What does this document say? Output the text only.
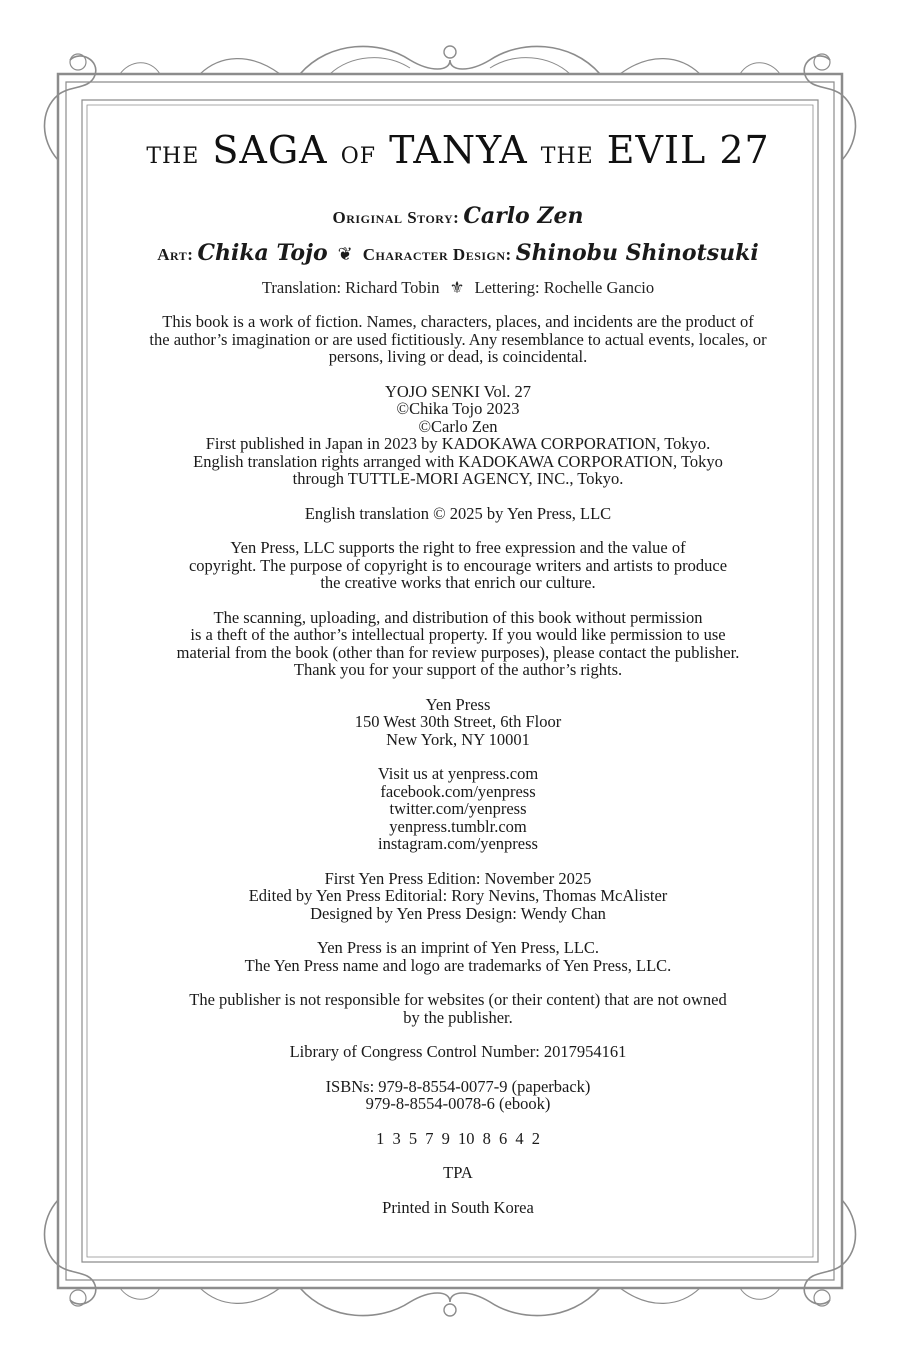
THE SAGA OF TANYA THE EVIL 27
Original Story: Carlo Zen
Art: Chika Tojo ❦ Character Design: Shinobu Shinotsuki
Translation: Richard Tobin ⚜ Lettering: Rochelle Gancio
This book is a work of fiction. Names, characters, places, and incidents are the product of
the author’s imagination or are used fictitiously. Any resemblance to actual events, locales, or
persons, living or dead, is coincidental.
YOJO SENKI Vol. 27
©Chika Tojo 2023
©Carlo Zen
First published in Japan in 2023 by KADOKAWA CORPORATION, Tokyo.
English translation rights arranged with KADOKAWA CORPORATION, Tokyo
through TUTTLE-MORI AGENCY, INC., Tokyo.
English translation © 2025 by Yen Press, LLC
Yen Press, LLC supports the right to free expression and the value of
copyright. The purpose of copyright is to encourage writers and artists to produce
the creative works that enrich our culture.
The scanning, uploading, and distribution of this book without permission
is a theft of the author’s intellectual property. If you would like permission to use
material from the book (other than for review purposes), please contact the publisher.
Thank you for your support of the author’s rights.
Yen Press
150 West 30th Street, 6th Floor
New York, NY 10001
Visit us at yenpress.com
facebook.com/yenpress
twitter.com/yenpress
yenpress.tumblr.com
instagram.com/yenpress
First Yen Press Edition: November 2025
Edited by Yen Press Editorial: Rory Nevins, Thomas McAlister
Designed by Yen Press Design: Wendy Chan
Yen Press is an imprint of Yen Press, LLC.
The Yen Press name and logo are trademarks of Yen Press, LLC.
The publisher is not responsible for websites (or their content) that are not owned
by the publisher.
Library of Congress Control Number: 2017954161
ISBNs: 979-8-8554-0077-9 (paperback)
979-8-8554-0078-6 (ebook)
1 3 5 7 9 10 8 6 4 2
TPA
Printed in South Korea
